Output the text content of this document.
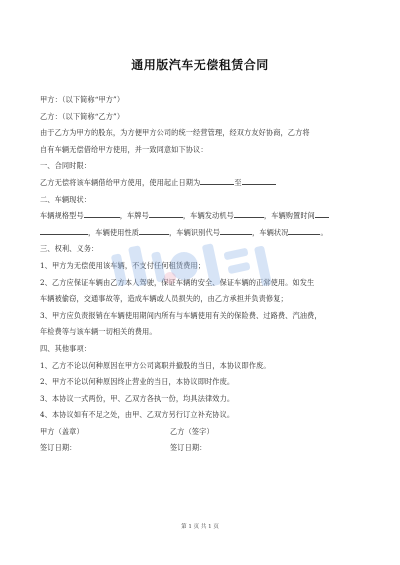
通用版汽车无偿租赁合同
甲方：（以下简称“甲方”）
乙方：（以下简称“乙方”）
由于乙方为甲方的股东，为方便甲方公司的统一经营管理，经双方友好协商，乙方将
自有车辆无偿借给甲方使用，并一致同意如下协议：
一、合同时限：
乙方无偿将该车辆借给甲方使用，使用起止日期为	至
二、车辆现状：
车辆规格型号	，车牌号	，车辆发动机号	，车辆购置时间
，车辆使用性质	，车辆识别代号	，车辆状况	。
三、权利、义务：
1、甲方为无偿使用该车辆，不支付任何租赁费用；
2、乙方应保证车辆由乙方本人驾驶，保证车辆的安全、保证车辆的正常使用。如发生
车辆被偷窃，交通事故等，造成车辆或人员损失的，由乙方承担并负责修复；
3、甲方应负责报销在车辆使用期间内所有与车辆使用有关的保险费、过路费、汽油费，
年检费等与该车辆一切相关的费用。
四、其他事项：
1、乙方不论以何种原因在甲方公司离职并撤股的当日，本协议即作废。
2、甲方不论以何种原因终止营业的当日，本协议即时作废。
3、本协议一式两份，甲、乙双方各执一份，均具法律效力。
4、本协议如有不足之处，由甲、乙双方另行订立补充协议。
甲方（盖章）	乙方（签字）
签订日期：	签订日期：
第 1 页 共 1 页
